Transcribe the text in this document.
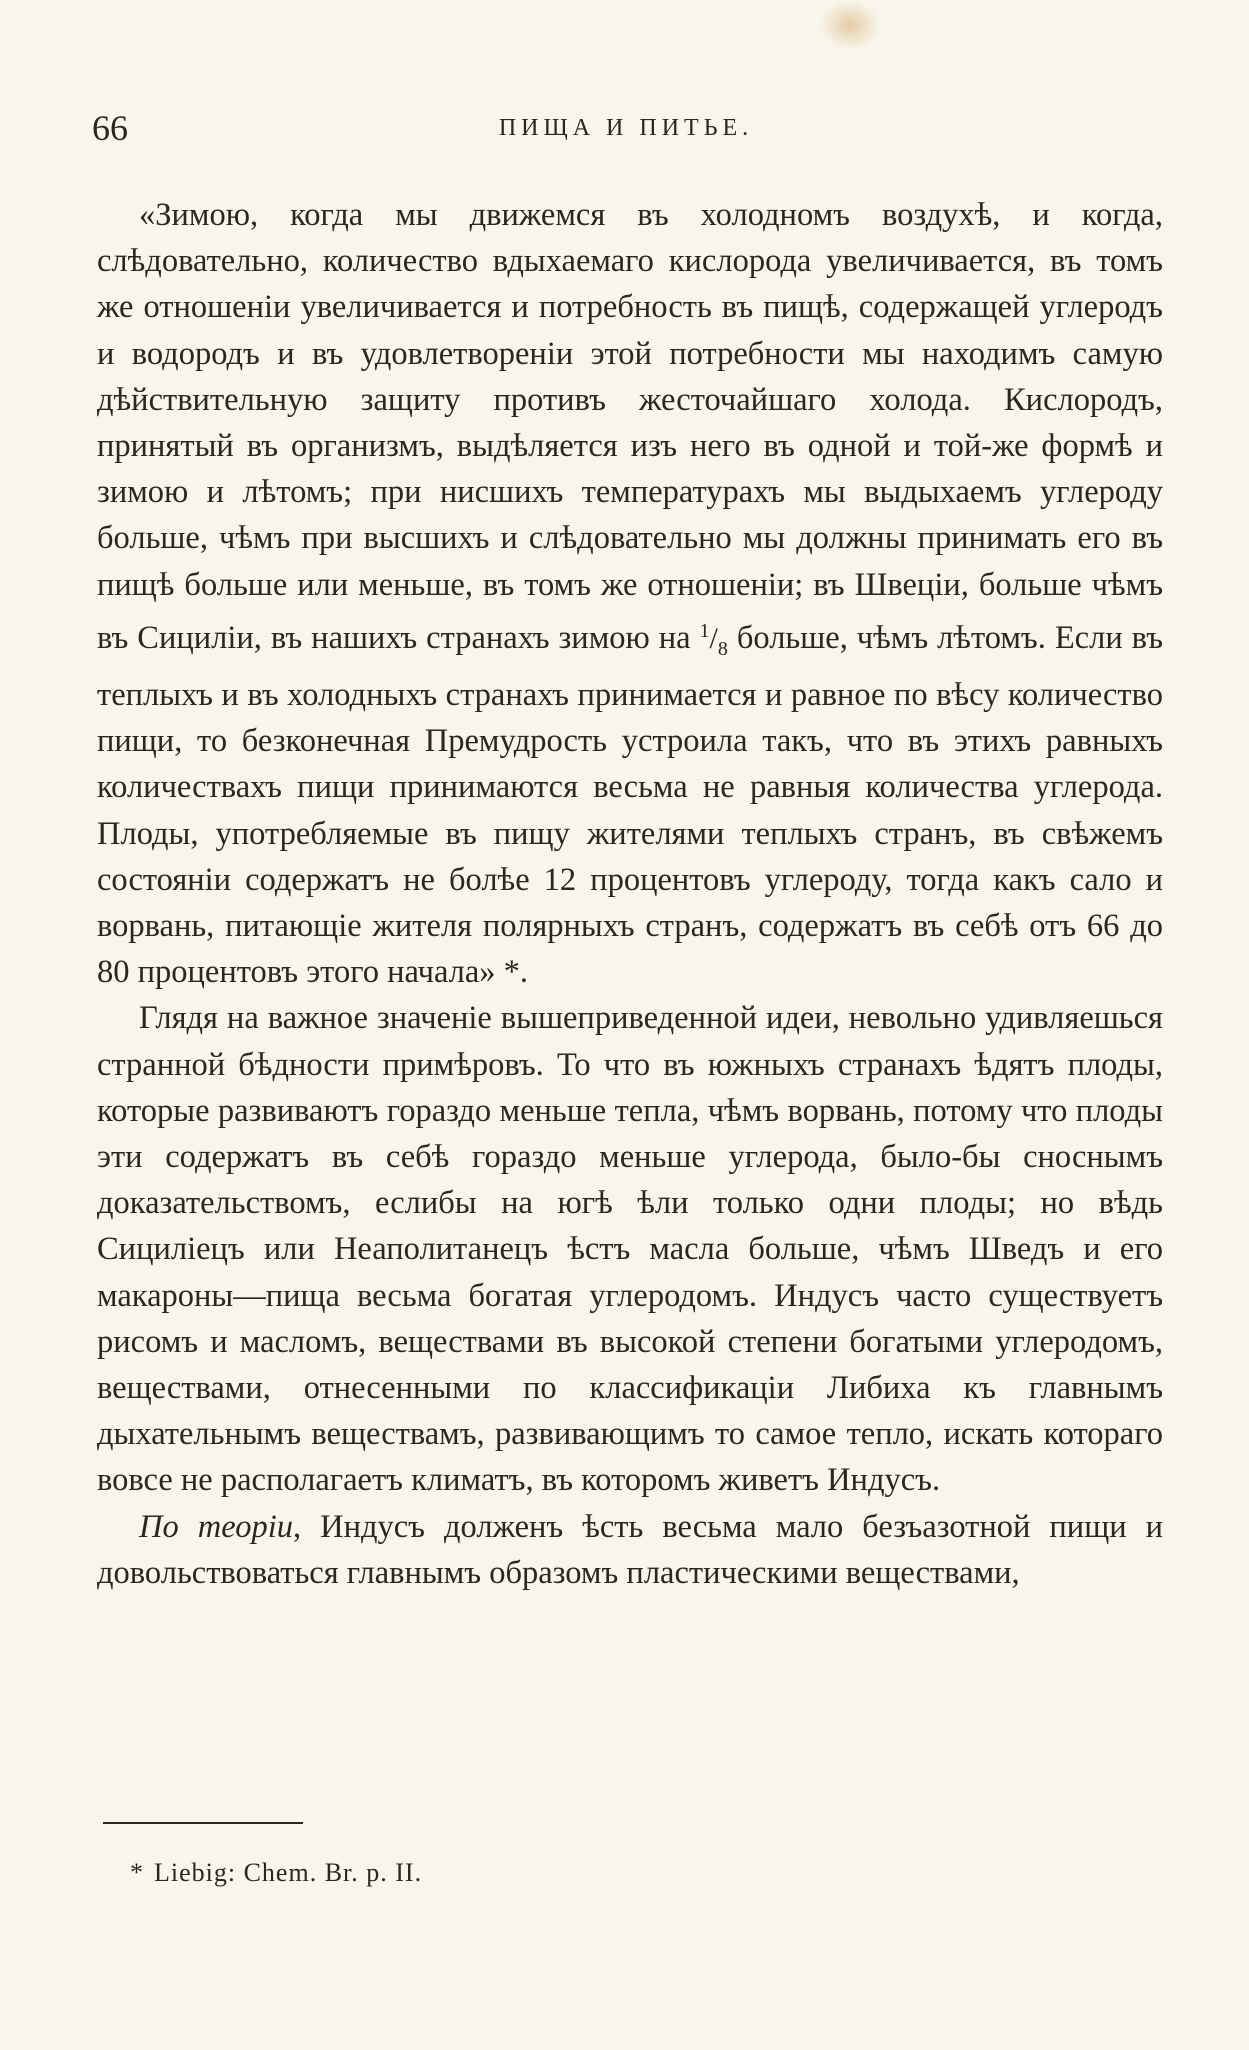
66	ПИЩА И ПИТЬЕ.

«Зимою, когда мы движемся въ холодномъ воздухѣ, и когда, слѣдовательно, количество вдыхаемаго кислорода увеличивается, въ томъ же отношеніи увеличивается и потребность въ пищѣ, содержащей углеродъ и водородъ и въ удовлетвореніи этой потребности мы находимъ самую дѣйствительную защиту противъ жесточайшаго холода. Кислородъ, принятый въ организмъ, выдѣляется изъ него въ одной и той-же формѣ и зимою и лѣтомъ; при нисшихъ температурахъ мы выдыхаемъ углероду больше, чѣмъ при высшихъ и слѣдовательно мы должны принимать его въ пищѣ больше или меньше, въ томъ же отношеніи; въ Швеціи, больше чѣмъ въ Сициліи, въ нашихъ странахъ зимою на $^1/_8$ больше, чѣмъ лѣтомъ. Если въ теплыхъ и въ холодныхъ странахъ принимается и равное по вѣсу количество пищи, то безконечная Премудрость устроила такъ, что въ этихъ равныхъ количествахъ пищи принимаются весьма не равныя количества углерода. Плоды, употребляемые въ пищу жителями теплыхъ странъ, въ свѣжемъ состояніи содержатъ не болѣе 12 процентовъ углероду, тогда какъ сало и ворвань, питающіе жителя полярныхъ странъ, содержатъ въ себѣ отъ 66 до 80 процентовъ этого начала» *.

Глядя на важное значеніе вышеприведенной идеи, невольно удивляешься странной бѣдности примѣровъ. То что въ южныхъ странахъ ѣдятъ плоды, которые развиваютъ гораздо меньше тепла, чѣмъ ворвань, потому что плоды эти содержатъ въ себѣ гораздо меньше углерода, было-бы сноснымъ доказательствомъ, еслибы на югѣ ѣли только одни плоды; но вѣдь Сициліецъ или Неаполитанецъ ѣстъ масла больше, чѣмъ Шведъ и его макароны—пища весьма богатая углеродомъ. Индусъ часто существуетъ рисомъ и масломъ, веществами въ высокой степени богатыми углеродомъ, веществами, отнесенными по классификаціи Либиха къ главнымъ дыхательнымъ веществамъ, развивающимъ то самое тепло, искать котораго вовсе не располагаетъ климатъ, въ которомъ живетъ Индусъ.

По теоріи, Индусъ долженъ ѣсть весьма мало безъазотной пищи и довольствоваться главнымъ образомъ пластическими веществами,

* Liebig: Chem. Br. p. II.
